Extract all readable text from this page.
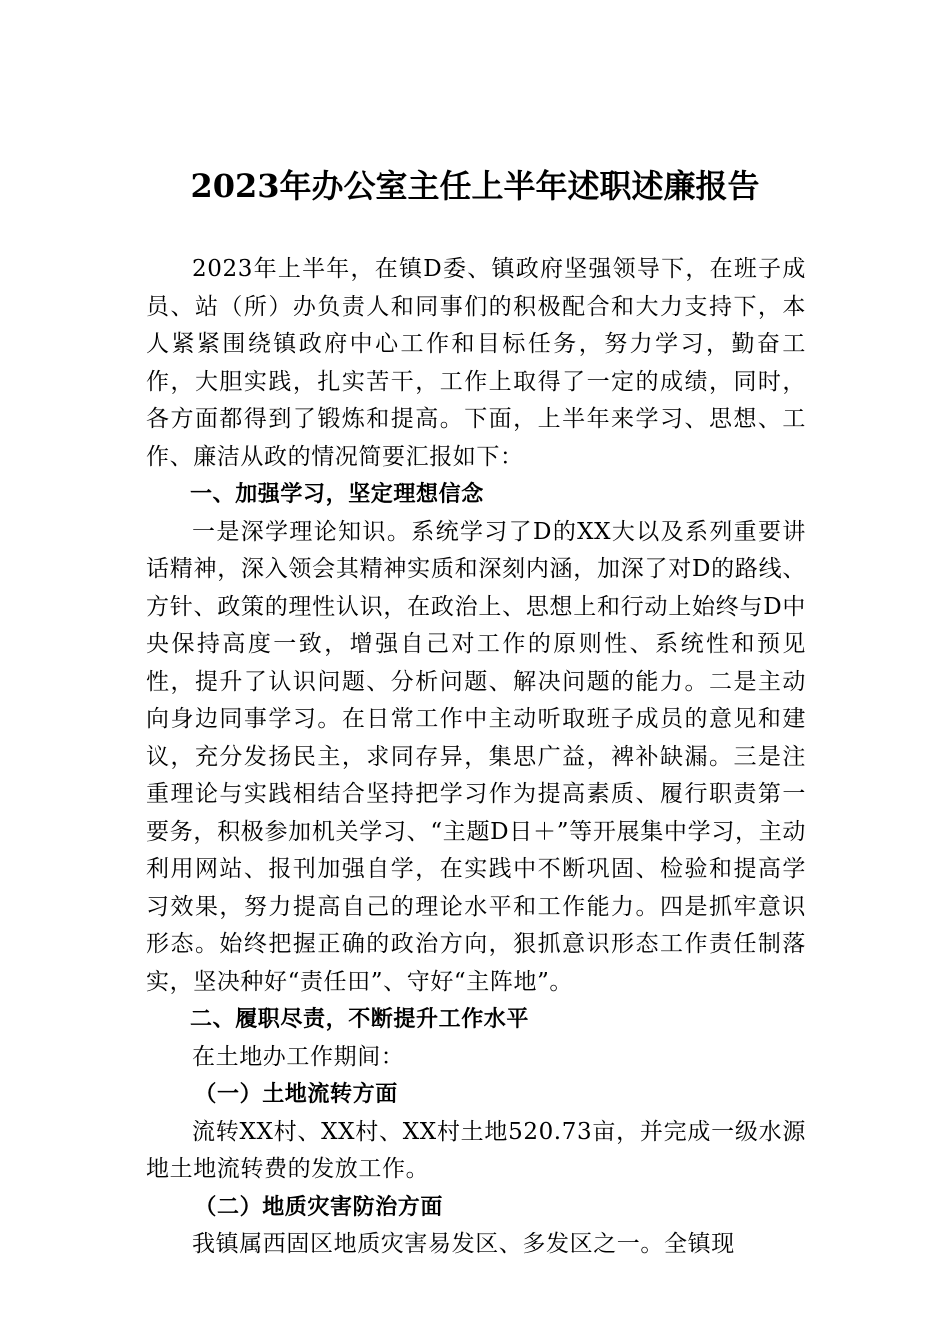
2023年办公室主任上半年述职述廉报告

2023年上半年，在镇D委、镇政府坚强领导下，在班子成员、站（所）办负责人和同事们的积极配合和大力支持下，本人紧紧围绕镇政府中心工作和目标任务，努力学习，勤奋工作，大胆实践，扎实苦干，工作上取得了一定的成绩，同时，各方面都得到了锻炼和提高。下面，上半年来学习、思想、工作、廉洁从政的情况简要汇报如下：

一、加强学习，坚定理想信念

一是深学理论知识。系统学习了D的XX大以及系列重要讲话精神，深入领会其精神实质和深刻内涵，加深了对D的路线、方针、政策的理性认识，在政治上、思想上和行动上始终与D中央保持高度一致，增强自己对工作的原则性、系统性和预见性，提升了认识问题、分析问题、解决问题的能力。二是主动向身边同事学习。在日常工作中主动听取班子成员的意见和建议，充分发扬民主，求同存异，集思广益，裨补缺漏。三是注重理论与实践相结合坚持把学习作为提高素质、履行职责第一要务，积极参加机关学习、“主题D日＋”等开展集中学习，主动利用网站、报刊加强自学，在实践中不断巩固、检验和提高学习效果，努力提高自己的理论水平和工作能力。四是抓牢意识形态。始终把握正确的政治方向，狠抓意识形态工作责任制落实，坚决种好“责任田”、守好“主阵地”。

二、履职尽责，不断提升工作水平

在土地办工作期间：

（一）土地流转方面

流转XX村、XX村、XX村土地520.73亩，并完成一级水源地土地流转费的发放工作。

（二）地质灾害防治方面

我镇属西固区地质灾害易发区、多发区之一。全镇现
